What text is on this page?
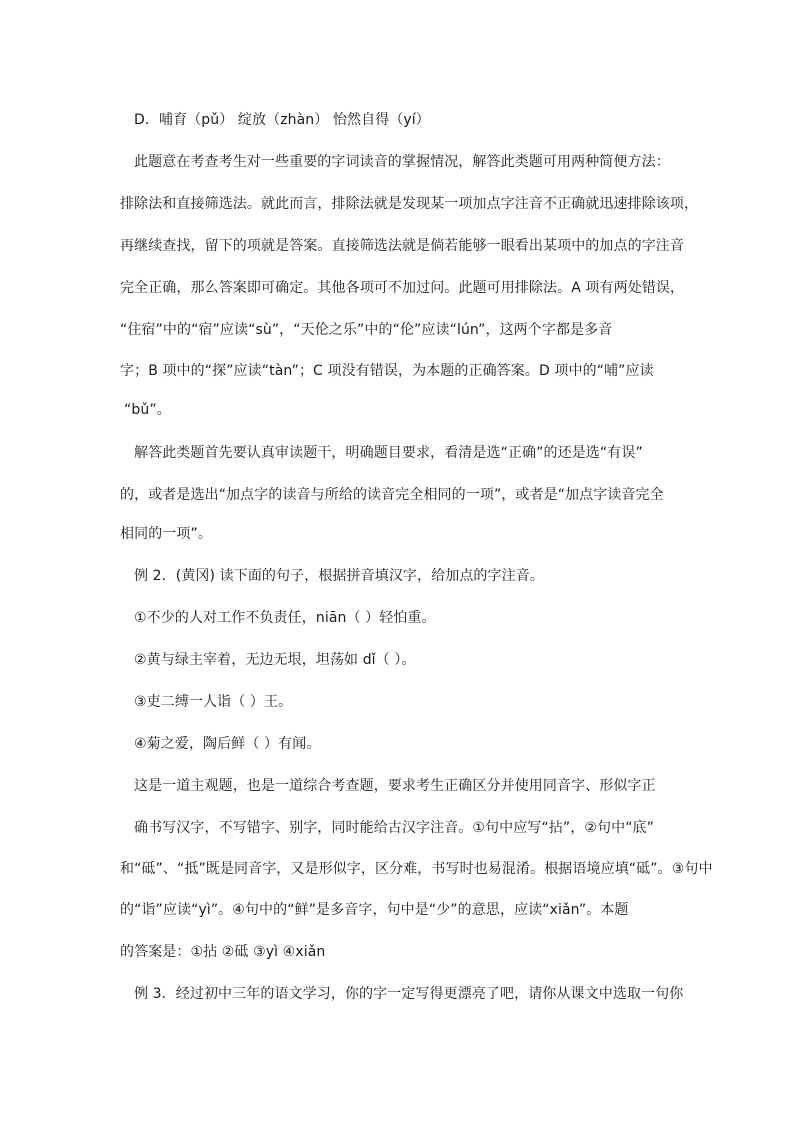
D．哺育（pǔ） 绽放（zhàn） 怡然自得（yí）
此题意在考查考生对一些重要的字词读音的掌握情况，解答此类题可用两种简便方法：
排除法和直接筛选法。就此而言，排除法就是发现某一项加点字注音不正确就迅速排除该项，
再继续查找，留下的项就是答案。直接筛选法就是倘若能够一眼看出某项中的加点的字注音
完全正确，那么答案即可确定。其他各项可不加过问。此题可用排除法。A 项有两处错误，
“住宿”中的“宿”应读“sù”，“天伦之乐”中的“伦”应读“lún”，这两个字都是多音
字；B 项中的“探”应读“tàn”；C 项没有错误，为本题的正确答案。D 项中的“哺”应读
“bǔ”。
解答此类题首先要认真审读题干，明确题目要求，看清是选“正确”的还是选“有误”
的，或者是选出“加点字的读音与所给的读音完全相同的一项”，或者是“加点字读音完全
相同的一项”。
例 2．(黄冈) 读下面的句子，根据拼音填汉字，给加点的字注音。
①不少的人对工作不负责任，niān（ ）轻怕重。
②黄与绿主宰着，无边无垠，坦荡如 dǐ（ ）。
③吏二缚一人诣（ ）王。
④菊之爱，陶后鲜（ ）有闻。
这是一道主观题，也是一道综合考查题，要求考生正确区分并使用同音字、形似字正
确书写汉字，不写错字、别字，同时能给古汉字注音。①句中应写“拈”，②句中“底”
和“砥”、“抵”既是同音字，又是形似字，区分难，书写时也易混淆。根据语境应填“砥”。③句中
的“诣”应读“yì”。④句中的“鲜”是多音字，句中是“少”的意思，应读“xiǎn”。本题
的答案是：①拈 ②砥 ③yì ④xiǎn
例 3．经过初中三年的语文学习，你的字一定写得更漂亮了吧，请你从课文中选取一句你
